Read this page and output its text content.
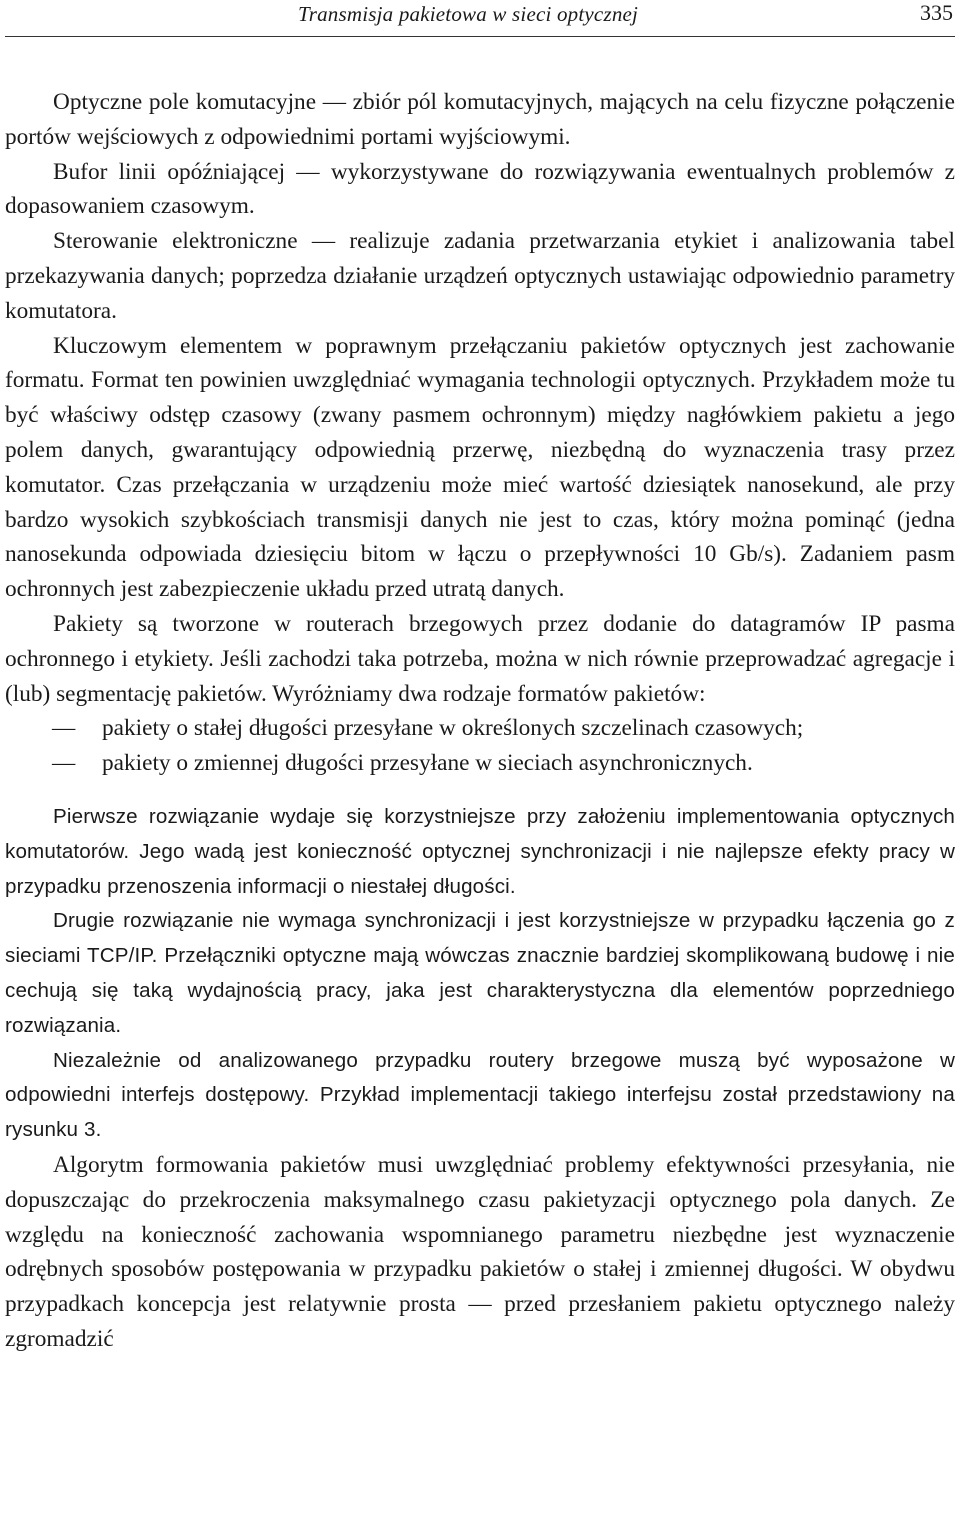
Transmisja pakietowa w sieci optycznej	335

Optyczne pole komutacyjne — zbiór pól komutacyjnych, mających na celu fizyczne połączenie portów wejściowych z odpowiednimi portami wyjściowymi.

Bufor linii opóźniającej — wykorzystywane do rozwiązywania ewentualnych problemów z dopasowaniem czasowym.

Sterowanie elektroniczne — realizuje zadania przetwarzania etykiet i analizowania tabel przekazywania danych; poprzedza działanie urządzeń optycznych ustawiając odpowiednio parametry komutatora.

Kluczowym elementem w poprawnym przełączaniu pakietów optycznych jest zachowanie formatu. Format ten powinien uwzględniać wymagania technologii optycznych. Przykładem może tu być właściwy odstęp czasowy (zwany pasmem ochronnym) między nagłówkiem pakietu a jego polem danych, gwarantujący odpowiednią przerwę, niezbędną do wyznaczenia trasy przez komutator. Czas przełączania w urządzeniu może mieć wartość dziesiątek nanosekund, ale przy bardzo wysokich szybkościach transmisji danych nie jest to czas, który można pominąć (jedna nanosekunda odpowiada dziesięciu bitom w łączu o przepływności 10 Gb/s). Zadaniem pasm ochronnych jest zabezpieczenie układu przed utratą danych.

Pakiety są tworzone w routerach brzegowych przez dodanie do datagramów IP pasma ochronnego i etykiety. Jeśli zachodzi taka potrzeba, można w nich równie przeprowadzać agregacje i (lub) segmentację pakietów. Wyróżniamy dwa rodzaje formatów pakietów:

— pakiety o stałej długości przesyłane w określonych szczelinach czasowych;
— pakiety o zmiennej długości przesyłane w sieciach asynchronicznych.

Pierwsze rozwiązanie wydaje się korzystniejsze przy założeniu implementowania optycznych komutatorów. Jego wadą jest konieczność optycznej synchronizacji i nie najlepsze efekty pracy w przypadku przenoszenia informacji o niestałej długości.

Drugie rozwiązanie nie wymaga synchronizacji i jest korzystniejsze w przypadku łączenia go z sieciami TCP/IP. Przełączniki optyczne mają wówczas znacznie bardziej skomplikowaną budowę i nie cechują się taką wydajnością pracy, jaka jest charakterystyczna dla elementów poprzedniego rozwiązania.

Niezależnie od analizowanego przypadku routery brzegowe muszą być wyposażone w odpowiedni interfejs dostępowy. Przykład implementacji takiego interfejsu został przedstawiony na rysunku 3.

Algorytm formowania pakietów musi uwzględniać problemy efektywności przesyłania, nie dopuszczając do przekroczenia maksymalnego czasu pakietyzacji optycznego pola danych. Ze względu na konieczność zachowania wspomnianego parametru niezbędne jest wyznaczenie odrębnych sposobów postępowania w przypadku pakietów o stałej i zmiennej długości. W obydwu przypadkach koncepcja jest relatywnie prosta — przed przesłaniem pakietu optycznego należy zgromadzić
